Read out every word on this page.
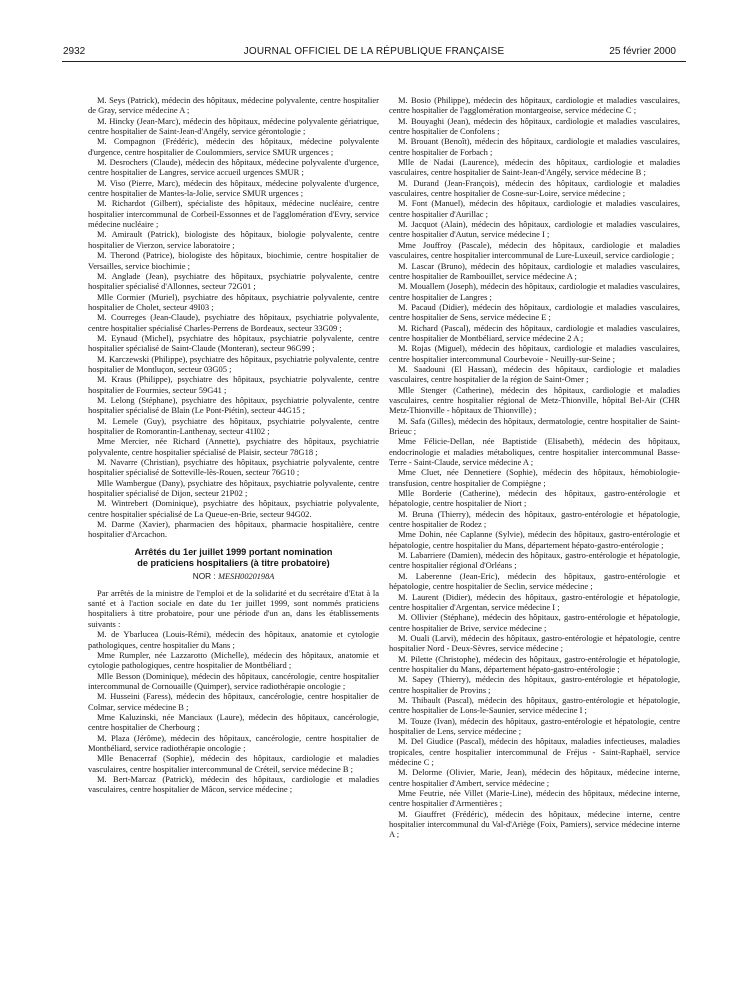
2932	JOURNAL OFFICIEL DE LA RÉPUBLIQUE FRANÇAISE	25 février 2000

M. Seys (Patrick), médecin des hôpitaux, médecine polyvalente, centre hospitalier de Gray, service médecine A ;

M. Hincky (Jean-Marc), médecin des hôpitaux, médecine polyvalente gériatrique, centre hospitalier de Saint-Jean-d'Angély, service gérontologie ;

M. Compagnon (Frédéric), médecin des hôpitaux, médecine polyvalente d'urgence, centre hospitalier de Coulommiers, service SMUR urgences ;

M. Desrochers (Claude), médecin des hôpitaux, médecine polyvalente d'urgence, centre hospitalier de Langres, service accueil urgences SMUR ;

M. Viso (Pierre, Marc), médecin des hôpitaux, médecine polyvalente d'urgence, centre hospitalier de Mantes-la-Jolie, service SMUR urgences ;

M. Richardot (Gilbert), spécialiste des hôpitaux, médecine nucléaire, centre hospitalier intercommunal de Corbeil-Essonnes et de l'agglomération d'Evry, service médecine nucléaire ;

M. Amirault (Patrick), biologiste des hôpitaux, biologie polyvalente, centre hospitalier de Vierzon, service laboratoire ;

M. Therond (Patrice), biologiste des hôpitaux, biochimie, centre hospitalier de Versailles, service biochimie ;

M. Anglade (Jean), psychiatre des hôpitaux, psychiatrie polyvalente, centre hospitalier spécialisé d'Allonnes, secteur 72G01 ;

Mlle Cormier (Muriel), psychiatre des hôpitaux, psychiatrie polyvalente, centre hospitalier de Cholet, secteur 49I03 ;

M. Courreges (Jean-Claude), psychiatre des hôpitaux, psychiatrie polyvalente, centre hospitalier spécialisé Charles-Perrens de Bordeaux, secteur 33G09 ;

M. Eynaud (Michel), psychiatre des hôpitaux, psychiatrie polyvalente, centre hospitalier spécialisé de Saint-Claude (Monteran), secteur 96G99 ;

M. Karczewski (Philippe), psychiatre des hôpitaux, psychiatrie polyvalente, centre hospitalier de Montluçon, secteur 03G05 ;

M. Kraus (Philippe), psychiatre des hôpitaux, psychiatrie polyvalente, centre hospitalier de Fourmies, secteur 59G41 ;

M. Lelong (Stéphane), psychiatre des hôpitaux, psychiatrie polyvalente, centre hospitalier spécialisé de Blain (Le Pont-Piétin), secteur 44G15 ;

M. Lemele (Guy), psychiatre des hôpitaux, psychiatrie polyvalente, centre hospitalier de Romorantin-Lanthenay, secteur 41I02 ;

Mme Mercier, née Richard (Annette), psychiatre des hôpitaux, psychiatrie polyvalente, centre hospitalier spécialisé de Plaisir, secteur 78G18 ;

M. Navarre (Christian), psychiatre des hôpitaux, psychiatrie polyvalente, centre hospitalier spécialisé de Sotteville-lès-Rouen, secteur 76G10 ;

Mlle Wambergue (Dany), psychiatre des hôpitaux, psychiatrie polyvalente, centre hospitalier spécialisé de Dijon, secteur 21P02 ;

M. Wintrebert (Dominique), psychiatre des hôpitaux, psychiatrie polyvalente, centre hospitalier spécialisé de La Queue-en-Brie, secteur 94G02.

M. Darme (Xavier), pharmacien des hôpitaux, pharmacie hospitalière, centre hospitalier d'Arcachon.

Arrêtés du 1er juillet 1999 portant nomination

de praticiens hospitaliers (à titre probatoire)

NOR : MESH0020198A

Par arrêtés de la ministre de l'emploi et de la solidarité et du secrétaire d'Etat à la santé et à l'action sociale en date du 1er juillet 1999, sont nommés praticiens hospitaliers à titre probatoire, pour une période d'un an, dans les établissements suivants :

M. de Ybarlucea (Louis-Rémi), médecin des hôpitaux, anatomie et cytologie pathologiques, centre hospitalier du Mans ;

Mme Rumpler, née Lazzarotto (Michelle), médecin des hôpitaux, anatomie et cytologie pathologiques, centre hospitalier de Montbéliard ;

Mlle Besson (Dominique), médecin des hôpitaux, cancérologie, centre hospitalier intercommunal de Cornouaille (Quimper), service radiothérapie oncologie ;

M. Husseini (Faress), médecin des hôpitaux, cancérologie, centre hospitalier de Colmar, service médecine B ;

Mme Kaluzinski, née Manciaux (Laure), médecin des hôpitaux, cancérologie, centre hospitalier de Cherbourg ;

M. Plaza (Jérôme), médecin des hôpitaux, cancérologie, centre hospitalier de Montbéliard, service radiothérapie oncologie ;

Mlle Benacerraf (Sophie), médecin des hôpitaux, cardiologie et maladies vasculaires, centre hospitalier intercommunal de Créteil, service médecine B ;

M. Bert-Marcaz (Patrick), médecin des hôpitaux, cardiologie et maladies vasculaires, centre hospitalier de Mâcon, service médecine ;

M. Bosio (Philippe), médecin des hôpitaux, cardiologie et maladies vasculaires, centre hospitalier de l'agglomération montargeoise, service médecine C ;

M. Bouyaghi (Jean), médecin des hôpitaux, cardiologie et maladies vasculaires, centre hospitalier de Confolens ;

M. Brouant (Benoît), médecin des hôpitaux, cardiologie et maladies vasculaires, centre hospitalier de Forbach ;

Mlle de Nadai (Laurence), médecin des hôpitaux, cardiologie et maladies vasculaires, centre hospitalier de Saint-Jean-d'Angély, service médecine B ;

M. Durand (Jean-François), médecin des hôpitaux, cardiologie et maladies vasculaires, centre hospitalier de Cosne-sur-Loire, service médecine ;

M. Font (Manuel), médecin des hôpitaux, cardiologie et maladies vasculaires, centre hospitalier d'Aurillac ;

M. Jacquot (Alain), médecin des hôpitaux, cardiologie et maladies vasculaires, centre hospitalier d'Autun, service médecine I ;

Mme Jouffroy (Pascale), médecin des hôpitaux, cardiologie et maladies vasculaires, centre hospitalier intercommunal de Lure-Luxeuil, service cardiologie ;

M. Lascar (Bruno), médecin des hôpitaux, cardiologie et maladies vasculaires, centre hospitalier de Rambouillet, service médecine A ;

M. Mouallem (Joseph), médecin des hôpitaux, cardiologie et maladies vasculaires, centre hospitalier de Langres ;

M. Pacaud (Didier), médecin des hôpitaux, cardiologie et maladies vasculaires, centre hospitalier de Sens, service médecine E ;

M. Richard (Pascal), médecin des hôpitaux, cardiologie et maladies vasculaires, centre hospitalier de Montbéliard, service médecine 2 A ;

M. Rojas (Miguel), médecin des hôpitaux, cardiologie et maladies vasculaires, centre hospitalier intercommunal Courbevoie - Neuilly-sur-Seine ;

M. Saadouni (El Hassan), médecin des hôpitaux, cardiologie et maladies vasculaires, centre hospitalier de la région de Saint-Omer ;

Mlle Stenger (Catherine), médecin des hôpitaux, cardiologie et maladies vasculaires, centre hospitalier régional de Metz-Thionville, hôpital Bel-Air (CHR Metz-Thionville - hôpitaux de Thionville) ;

M. Safa (Gilles), médecin des hôpitaux, dermatologie, centre hospitalier de Saint-Brieuc ;

Mme Félicie-Dellan, née Baptistide (Elisabeth), médecin des hôpitaux, endocrinologie et maladies métaboliques, centre hospitalier intercommunal Basse-Terre - Saint-Claude, service médecine A ;

Mme Cluet, née Dennetiere (Sophie), médecin des hôpitaux, hémobiologie-transfusion, centre hospitalier de Compiègne ;

Mlle Borderie (Catherine), médecin des hôpitaux, gastro-entérologie et hépatologie, centre hospitalier de Niort ;

M. Bruna (Thierry), médecin des hôpitaux, gastro-entérologie et hépatologie, centre hospitalier de Rodez ;

Mme Dohin, née Caplanne (Sylvie), médecin des hôpitaux, gastro-entérologie et hépatologie, centre hospitalier du Mans, département hépato-gastro-entérologie ;

M. Labarriere (Damien), médecin des hôpitaux, gastro-entérologie et hépatologie, centre hospitalier régional d'Orléans ;

M. Laberenne (Jean-Eric), médecin des hôpitaux, gastro-entérologie et hépatologie, centre hospitalier de Seclin, service médecine ;

M. Laurent (Didier), médecin des hôpitaux, gastro-entérologie et hépatologie, centre hospitalier d'Argentan, service médecine I ;

M. Ollivier (Stéphane), médecin des hôpitaux, gastro-entérologie et hépatologie, centre hospitalier de Brive, service médecine ;

M. Ouali (Larvi), médecin des hôpitaux, gastro-entérologie et hépatologie, centre hospitalier Nord - Deux-Sèvres, service médecine ;

M. Pilette (Christophe), médecin des hôpitaux, gastro-entérologie et hépatologie, centre hospitalier du Mans, département hépato-gastro-entérologie ;

M. Sapey (Thierry), médecin des hôpitaux, gastro-entérologie et hépatologie, centre hospitalier de Provins ;

M. Thibault (Pascal), médecin des hôpitaux, gastro-entérologie et hépatologie, centre hospitalier de Lons-le-Saunier, service médecine I ;

M. Touze (Ivan), médecin des hôpitaux, gastro-entérologie et hépatologie, centre hospitalier de Lens, service médecine ;

M. Del Giudice (Pascal), médecin des hôpitaux, maladies infectieuses, maladies tropicales, centre hospitalier intercommunal de Fréjus - Saint-Raphaël, service médecine C ;

M. Delorme (Olivier, Marie, Jean), médecin des hôpitaux, médecine interne, centre hospitalier d'Ambert, service médecine ;

Mme Feutrie, née Villet (Marie-Line), médecin des hôpitaux, médecine interne, centre hospitalier d'Armentières ;

M. Giauffret (Frédéric), médecin des hôpitaux, médecine interne, centre hospitalier intercommunal du Val-d'Ariège (Foix, Pamiers), service médecine interne A ;
